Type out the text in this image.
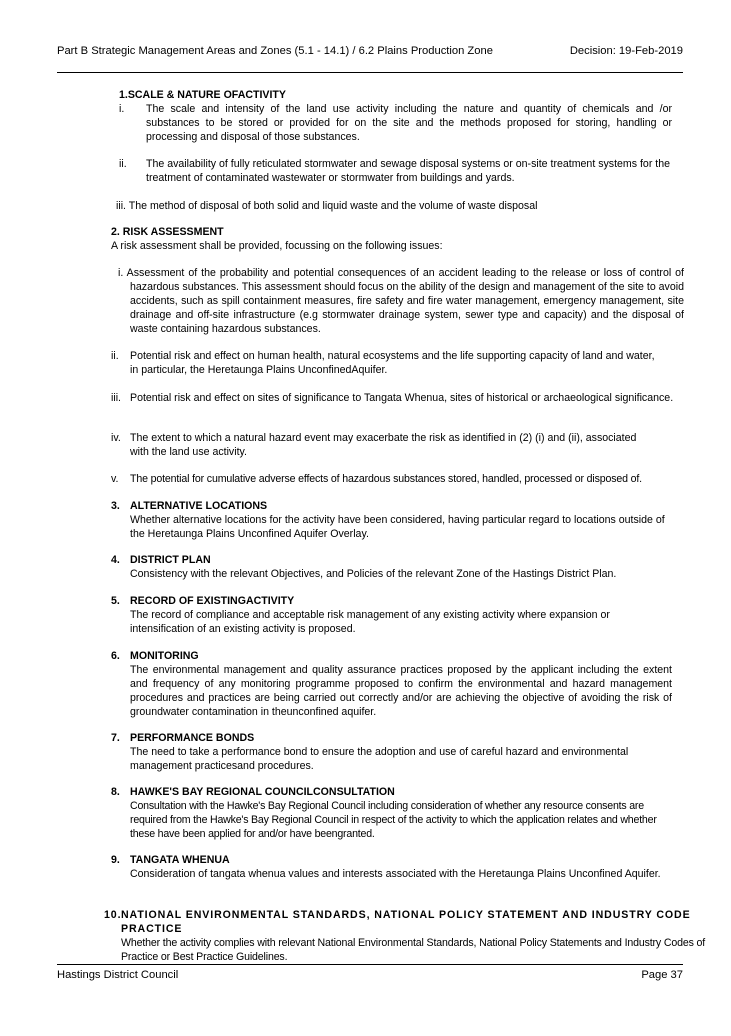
Part B Strategic Management Areas and Zones (5.1 - 14.1) / 6.2 Plains Production Zone	Decision: 19-Feb-2019
1.SCALE & NATURE OFACTIVITY
i. The scale and intensity of the land use activity including the nature and quantity of chemicals and /or substances to be stored or provided for on the site and the methods proposed for storing, handling or processing and disposal of those substances.

ii. The availability of fully reticulated stormwater and sewage disposal systems or on-site treatment systems for the treatment of contaminated wastewater or stormwater from buildings and yards.

iii. The method of disposal of both solid and liquid waste and the volume of waste disposal

2. RISK ASSESSMENT

A risk assessment shall be provided, focussing on the following issues:

i. Assessment of the probability and potential consequences of an accident leading to the release or loss of control of hazardous substances. This assessment should focus on the ability of the design and management of the site to avoid accidents, such as spill containment measures, fire safety and fire water management, emergency management, site drainage and off-site infrastructure (e.g stormwater drainage system, sewer type and capacity) and the disposal of waste containing hazardous substances.

ii. Potential risk and effect on human health, natural ecosystems and the life supporting capacity of land and water, in particular, the Heretaunga Plains UnconfinedAquifer.

iii. Potential risk and effect on sites of significance to Tangata Whenua, sites of historical or archaeological significance.

iv. The extent to which a natural hazard event may exacerbate the risk as identified in (2) (i) and (ii), associated with the land use activity.

v. The potential for cumulative adverse effects of hazardous substances stored, handled, processed or disposed of.

3. ALTERNATIVE LOCATIONS

Whether alternative locations for the activity have been considered, having particular regard to locations outside of the Heretaunga Plains Unconfined Aquifer Overlay.

4. DISTRICT PLAN

Consistency with the relevant Objectives, and Policies of the relevant Zone of the Hastings District Plan.

5. RECORD OF EXISTINGACTIVITY

The record of compliance and acceptable risk management of any existing activity where expansion or intensification of an existing activity is proposed.

6. MONITORING

The environmental management and quality assurance practices proposed by the applicant including the extent and frequency of any monitoring programme proposed to confirm the environmental and hazard management procedures and practices are being carried out correctly and/or are achieving the objective of avoiding the risk of groundwater contamination in theunconfined aquifer.

7. PERFORMANCE BONDS

The need to take a performance bond to ensure the adoption and use of careful hazard and environmental management practicesand procedures.

8. HAWKE'S BAY REGIONAL COUNCILCONSULTATION

Consultation with the Hawke's Bay Regional Council including consideration of whether any resource consents are required from the Hawke's Bay Regional Council in respect of the activity to which the application relates and whether these have been applied for and/or have beengranted.

9. TANGATA WHENUA

Consideration of tangata whenua values and interests associated with the Heretaunga Plains Unconfined Aquifer.

10. NATIONAL ENVIRONMENTAL STANDARDS, NATIONAL POLICY STATEMENT AND INDUSTRY CODE PRACTICE

Whether the activity complies with relevant National Environmental Standards, National Policy Statements and Industry Codes of Practice or Best Practice Guidelines.

Hastings District Council	Page 37
